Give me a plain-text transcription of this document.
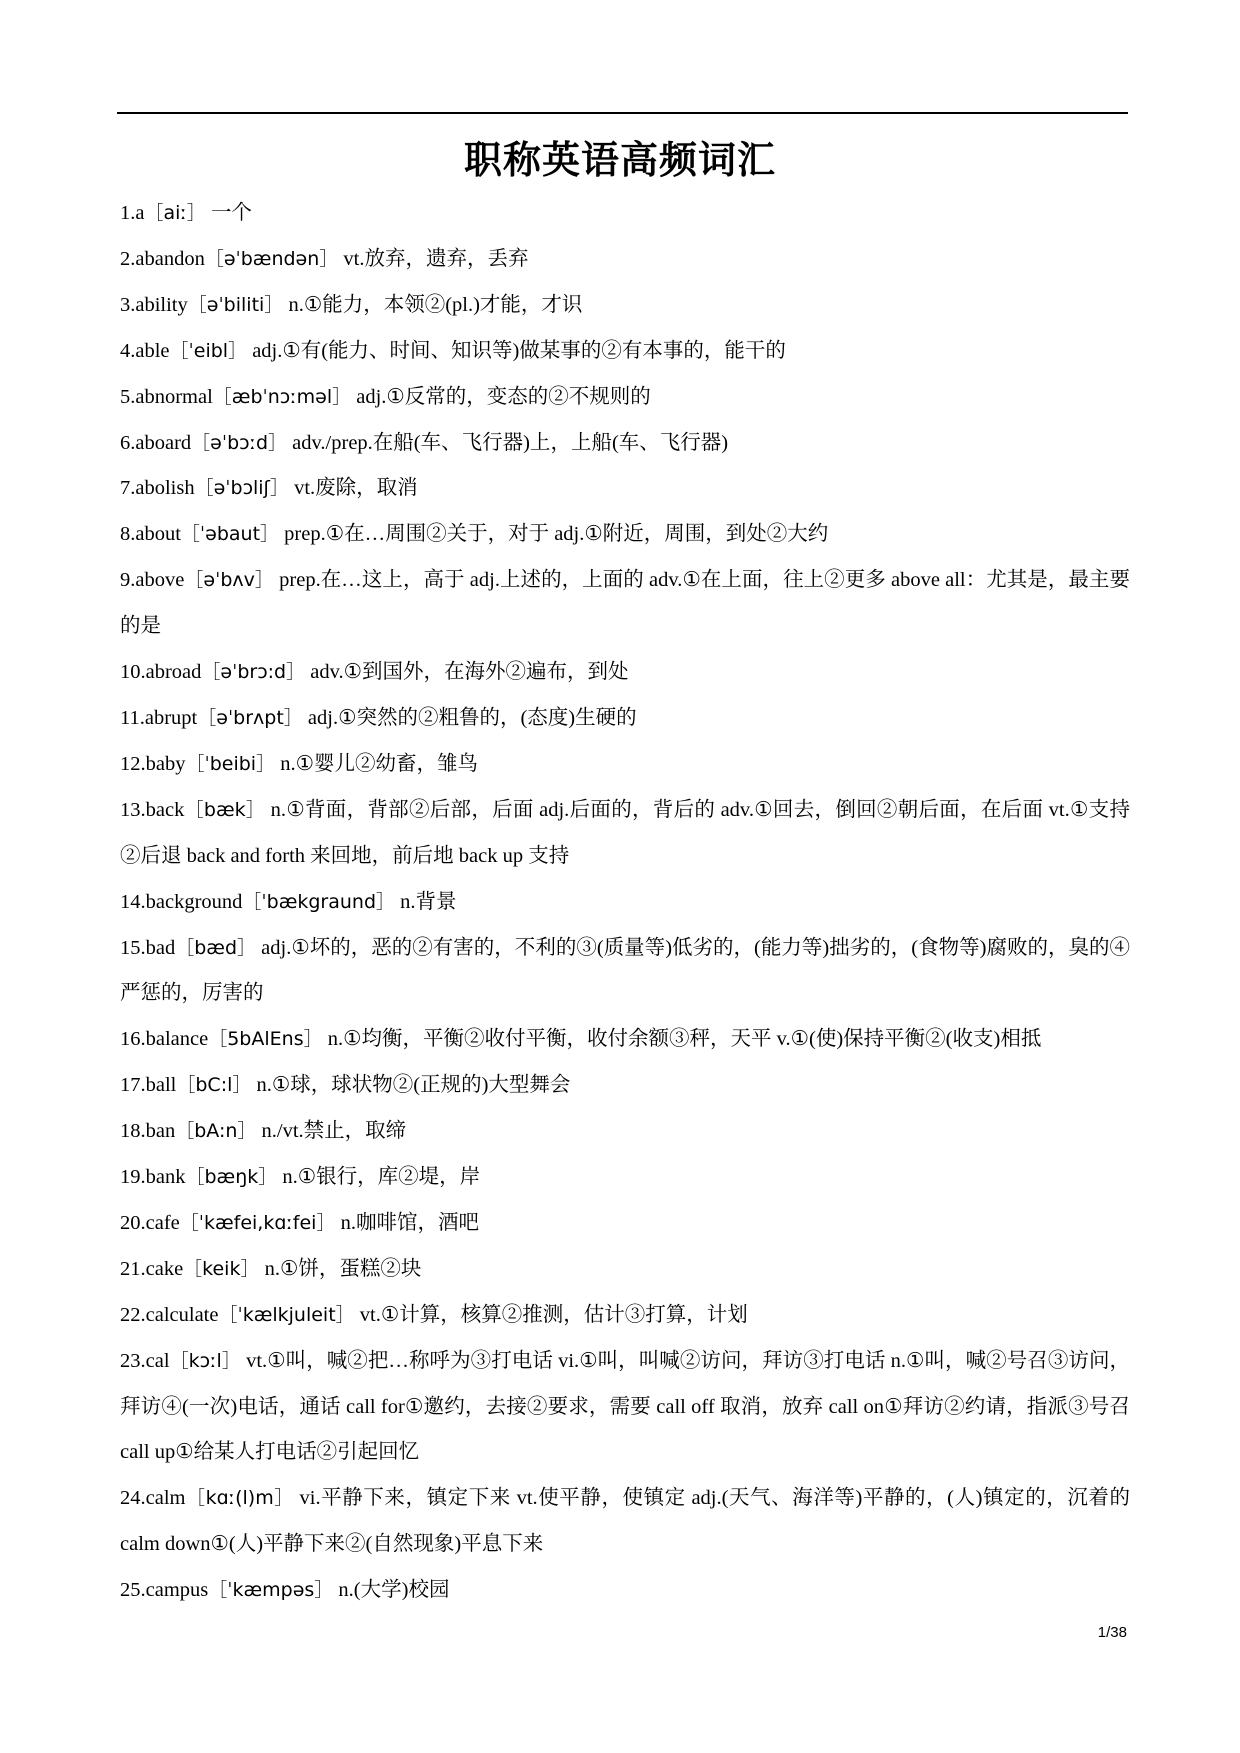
职称英语高频词汇

1.a［aiː］ 一个

2.abandon［əˈbændən］ vt.放弃，遗弃，丢弃

3.ability［əˈbiliti］ n.①能力，本领②(pl.)才能，才识

4.able［ˈeibl］ adj.①有(能力、时间、知识等)做某事的②有本事的，能干的

5.abnormal［æbˈnɔːməl］ adj.①反常的，变态的②不规则的

6.aboard［əˈbɔːd］ adv./prep.在船(车、飞行器)上，上船(车、飞行器)

7.abolish［əˈbɔliʃ］ vt.废除，取消

8.about［ˈəbaut］ prep.①在…周围②关于，对于 adj.①附近，周围，到处②大约

9.above［əˈbʌv］ prep.在…这上，高于 adj.上述的，上面的 adv.①在上面，往上②更多 above all：尤其是，最主要的是

10.abroad［əˈbrɔ:d］ adv.①到国外，在海外②遍布，到处

11.abrupt［əˈbrʌpt］ adj.①突然的②粗鲁的，(态度)生硬的

12.baby［ˈbeibi］ n.①婴儿②幼畜，雏鸟

13.back［bæk］ n.①背面，背部②后部，后面 adj.后面的，背后的 adv.①回去，倒回②朝后面，在后面 vt.①支持②后退 back and forth 来回地，前后地 back up 支持

14.background［ˈbækgraund］ n.背景

15.bad［bæd］ adj.①坏的，恶的②有害的，不利的③(质量等)低劣的，(能力等)拙劣的，(食物等)腐败的，臭的④严惩的，厉害的

16.balance［5bAlEns］ n.①均衡，平衡②收付平衡，收付余额③秤，天平 v.①(使)保持平衡②(收支)相抵

17.ball［bC:l］ n.①球，球状物②(正规的)大型舞会

18.ban［bA:n］ n./vt.禁止，取缔

19.bank［bæŋk］ n.①银行，库②堤，岸

20.cafe［ˈkæfei,kɑːfei］ n.咖啡馆，酒吧

21.cake［keik］ n.①饼，蛋糕②块

22.calculate［ˈkælkjuleit］ vt.①计算，核算②推测，估计③打算，计划

23.cal［kɔːl］ vt.①叫，喊②把…称呼为③打电话 vi.①叫，叫喊②访问，拜访③打电话 n.①叫，喊②号召③访问，拜访④(一次)电话，通话 call for①邀约，去接②要求，需要 call off 取消，放弃 call on①拜访②约请，指派③号召 call up①给某人打电话②引起回忆

24.calm［kɑː(l)m］ vi.平静下来，镇定下来 vt.使平静，使镇定 adj.(天气、海洋等)平静的，(人)镇定的，沉着的 calm down①(人)平静下来②(自然现象)平息下来

25.campus［ˈkæmpəs］ n.(大学)校园

1/38
